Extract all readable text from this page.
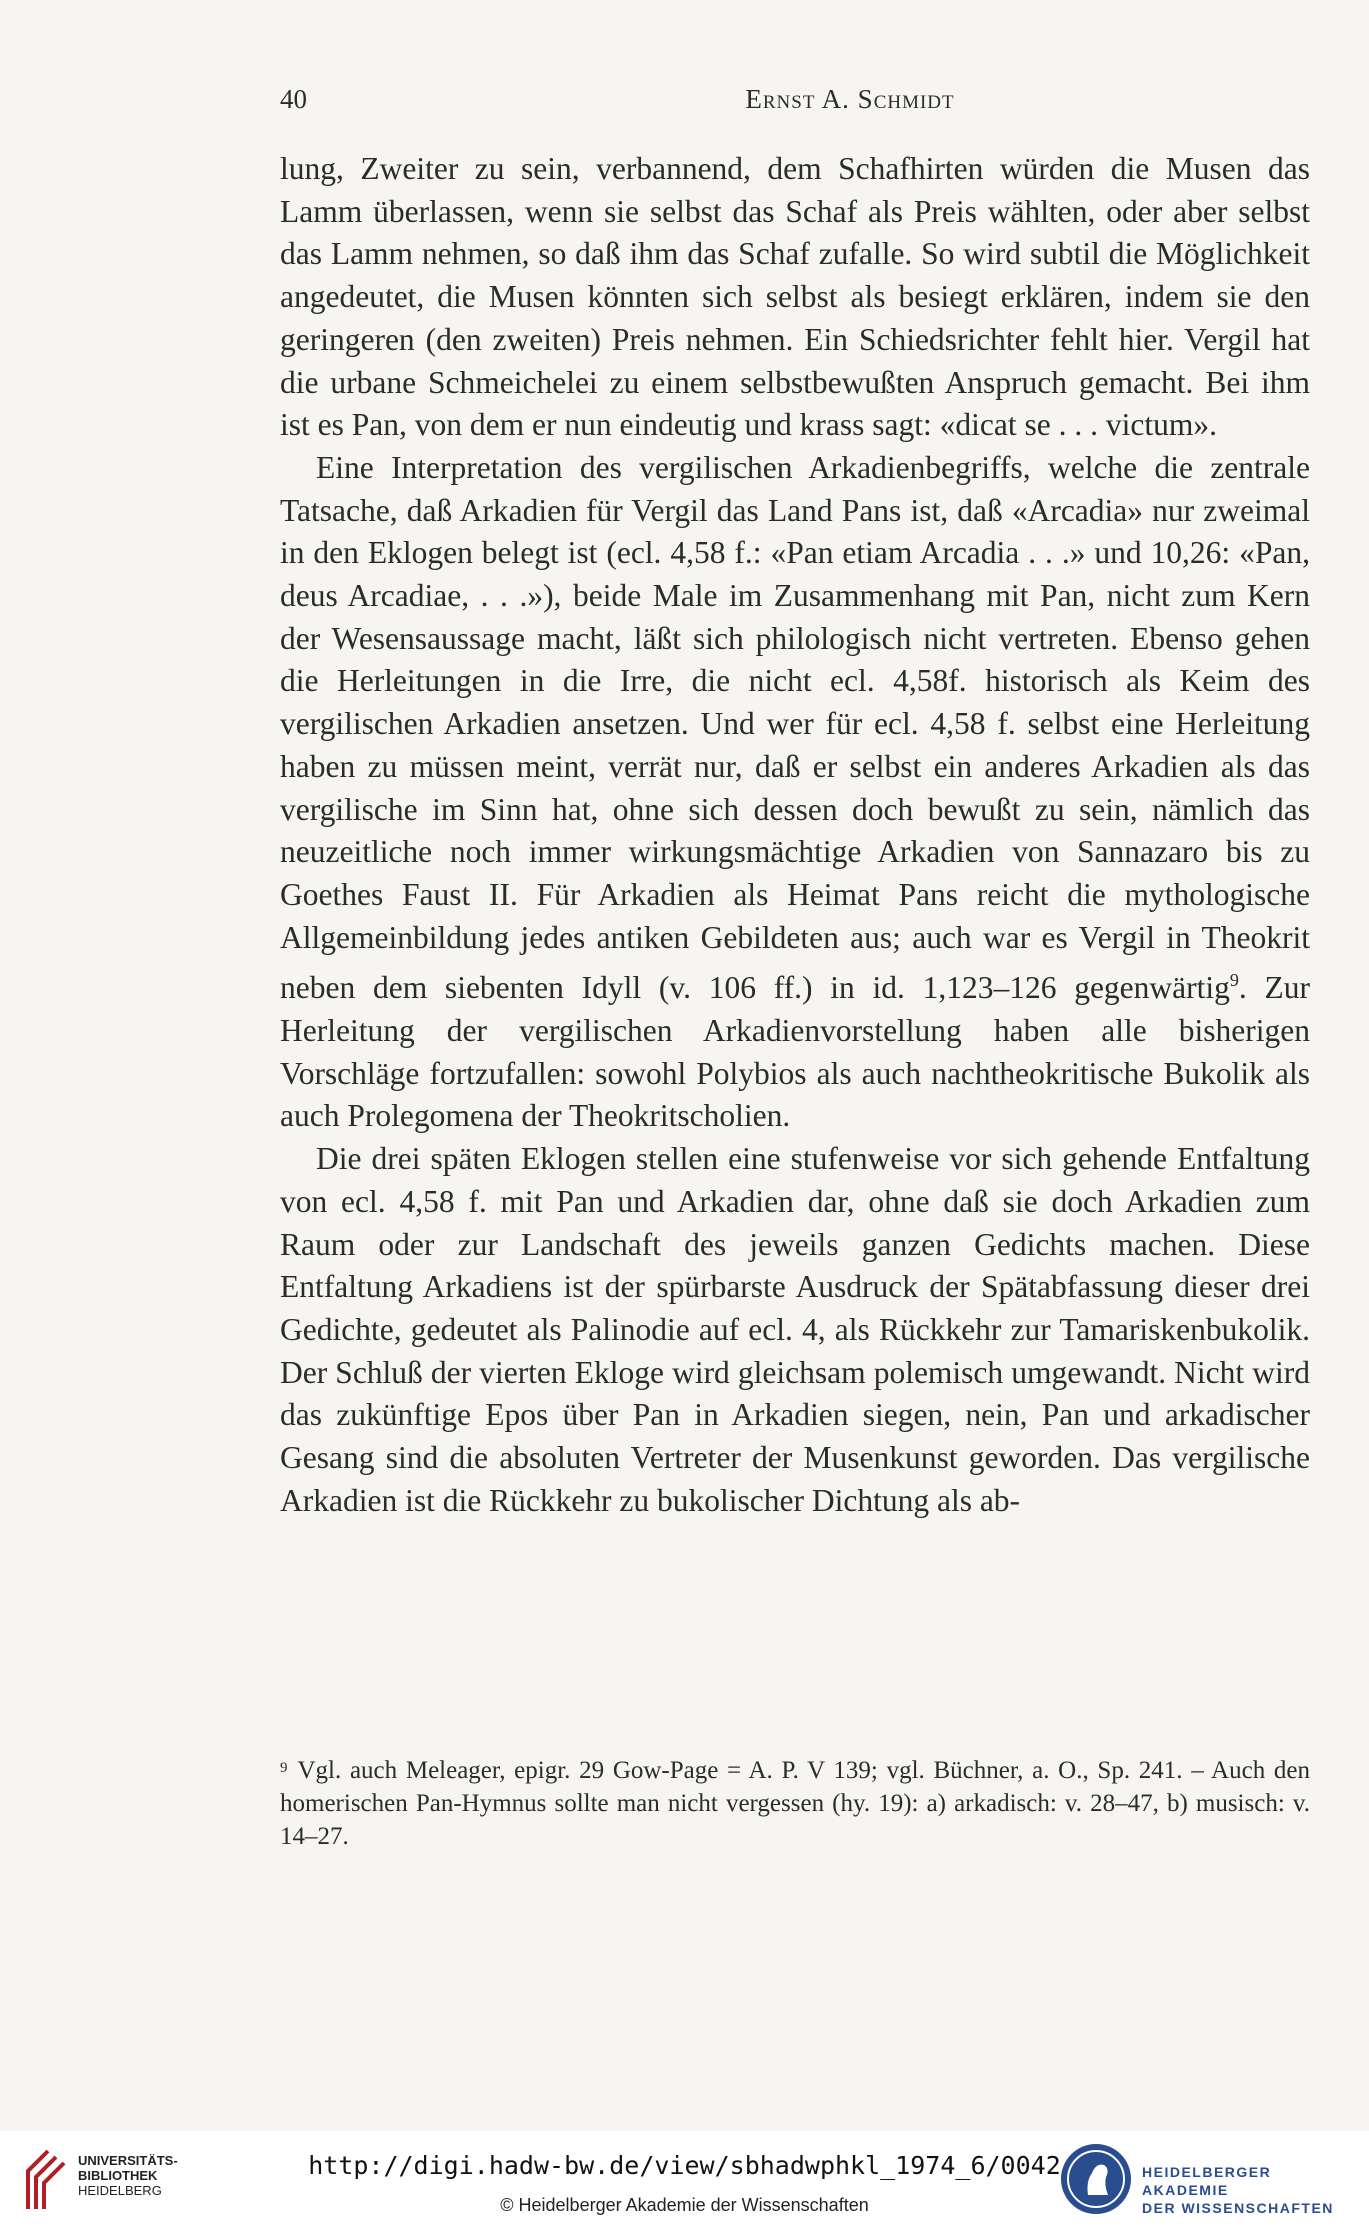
40	Ernst A. Schmidt

lung, Zweiter zu sein, verbannend, dem Schafhirten würden die Musen das Lamm überlassen, wenn sie selbst das Schaf als Preis wählten, oder aber selbst das Lamm nehmen, so daß ihm das Schaf zufalle. So wird subtil die Möglichkeit angedeutet, die Musen könnten sich selbst als besiegt erklären, indem sie den geringeren (den zweiten) Preis nehmen. Ein Schiedsrichter fehlt hier. Vergil hat die urbane Schmeichelei zu einem selbstbewußten Anspruch gemacht. Bei ihm ist es Pan, von dem er nun eindeutig und krass sagt: «dicat se . . . victum».

Eine Interpretation des vergilischen Arkadienbegriffs, welche die zentrale Tatsache, daß Arkadien für Vergil das Land Pans ist, daß «Arcadia» nur zweimal in den Eklogen belegt ist (ecl. 4,58 f.: «Pan etiam Arcadia . . .» und 10,26: «Pan, deus Arcadiae, . . .»), beide Male im Zusammenhang mit Pan, nicht zum Kern der Wesensaussage macht, läßt sich philologisch nicht vertreten. Ebenso gehen die Herleitungen in die Irre, die nicht ecl. 4,58f. historisch als Keim des vergilischen Arkadien ansetzen. Und wer für ecl. 4,58 f. selbst eine Herleitung haben zu müssen meint, verrät nur, daß er selbst ein anderes Arkadien als das vergilische im Sinn hat, ohne sich dessen doch bewußt zu sein, nämlich das neuzeitliche noch immer wirkungsmächtige Arkadien von Sannazaro bis zu Goethes Faust II. Für Arkadien als Heimat Pans reicht die mythologische Allgemeinbildung jedes antiken Gebildeten aus; auch war es Vergil in Theokrit neben dem siebenten Idyll (v. 106 ff.) in id. 1,123–126 gegenwärtig$^9$. Zur Herleitung der vergilischen Arkadienvorstellung haben alle bisherigen Vorschläge fortzufallen: sowohl Polybios als auch nachtheokritische Bukolik als auch Prolegomena der Theokritscholien.

Die drei späten Eklogen stellen eine stufenweise vor sich gehende Entfaltung von ecl. 4,58 f. mit Pan und Arkadien dar, ohne daß sie doch Arkadien zum Raum oder zur Landschaft des jeweils ganzen Gedichts machen. Diese Entfaltung Arkadiens ist der spürbarste Ausdruck der Spätabfassung dieser drei Gedichte, gedeutet als Palinodie auf ecl. 4, als Rückkehr zur Tamariskenbukolik. Der Schluß der vierten Ekloge wird gleichsam polemisch umgewandt. Nicht wird das zukünftige Epos über Pan in Arkadien siegen, nein, Pan und arkadischer Gesang sind die absoluten Vertreter der Musenkunst geworden. Das vergilische Arkadien ist die Rückkehr zu bukolischer Dichtung als ab-

$^9$ Vgl. auch Meleager, epigr. 29 Gow-Page = A. P. V 139; vgl. Büchner, a. O., Sp. 241. – Auch den homerischen Pan-Hymnus sollte man nicht vergessen (hy. 19): a) arkadisch: v. 28–47, b) musisch: v. 14–27.

UNIVERSITÄTS-
BIBLIOTHEK
HEIDELBERG
http://digi.hadw-bw.de/view/sbhadwphkl_1974_6/0042
© Heidelberger Akademie der Wissenschaften
HEIDELBERGER AKADEMIE
DER WISSENSCHAFTEN
